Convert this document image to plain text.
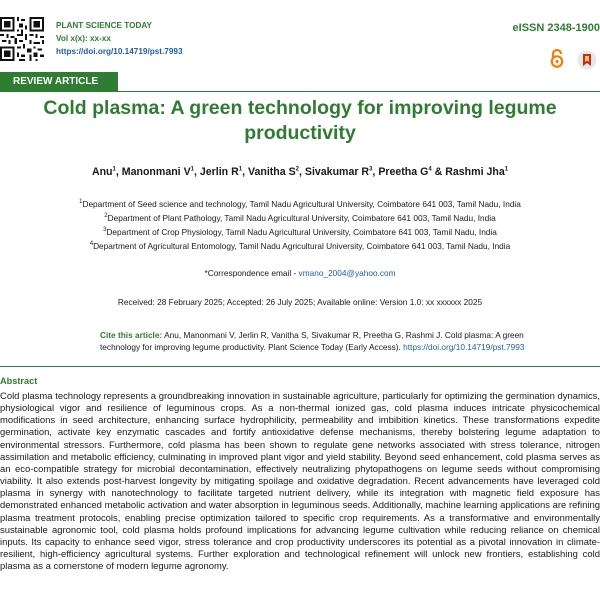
PLANT SCIENCE TODAY
Vol x(x): xx-xx
https://doi.org/10.14719/pst.7993
eISSN 2348-1900
REVIEW ARTICLE
Cold plasma: A green technology for improving legume productivity
Anu$^1$, Manonmani $V^1$, Jerlin $R^1$, Vanitha $S^2$, Sivakumar $R^3$, Preetha $G^4$ & Rashmi Jha$^1$
$^1$Department of Seed science and technology, Tamil Nadu Agricultural University, Coimbatore 641 003, Tamil Nadu, India
$^2$Department of Plant Pathology, Tamil Nadu Agricultural University, Coimbatore 641 003, Tamil Nadu, India
$^3$Department of Crop Physiology, Tamil Nadu Agricultural University, Coimbatore 641 003, Tamil Nadu, India
$^4$Department of Agricultural Entomology, Tamil Nadu Agricultural University, Coimbatore 641 003, Tamil Nadu, India
*Correspondence email - vmano_2004@yahoo.com
Received: 28 February 2025; Accepted: 26 July 2025; Available online: Version 1.0: xx xxxxxx 2025
Cite this article: Anu, Manonmani V, Jerlin R, Vanitha S, Sivakumar R, Preetha G, Rashmi J. Cold plasma: A green technology for improving legume productivity. Plant Science Today (Early Access). https://doi.org/10.14719/pst.7993
Abstract
Cold plasma technology represents a groundbreaking innovation in sustainable agriculture, particularly for optimizing the germination dynamics, physiological vigor and resilience of leguminous crops. As a non-thermal ionized gas, cold plasma induces intricate physicochemical modifications in seed architecture, enhancing surface hydrophilicity, permeability and imbibition kinetics. These transformations expedite germination, activate key enzymatic cascades and fortify antioxidative defense mechanisms, thereby bolstering legume adaptation to environmental stressors. Furthermore, cold plasma has been shown to regulate gene networks associated with stress tolerance, nitrogen assimilation and metabolic efficiency, culminating in improved plant vigor and yield stability. Beyond seed enhancement, cold plasma serves as an eco-compatible strategy for microbial decontamination, effectively neutralizing phytopathogens on legume seeds without compromising viability. It also extends post-harvest longevity by mitigating spoilage and oxidative degradation. Recent advancements have leveraged cold plasma in synergy with nanotechnology to facilitate targeted nutrient delivery, while its integration with magnetic field exposure has demonstrated enhanced metabolic activation and water absorption in leguminous seeds. Additionally, machine learning applications are refining plasma treatment protocols, enabling precise optimization tailored to specific crop requirements. As a transformative and environmentally sustainable agronomic tool, cold plasma holds profound implications for advancing legume cultivation while reducing reliance on chemical inputs. Its capacity to enhance seed vigor, stress tolerance and crop productivity underscores its potential as a pivotal innovation in climate-resilient, high-efficiency agricultural systems. Further exploration and technological refinement will unlock new frontiers, establishing cold plasma as a cornerstone of modern legume agronomy.
